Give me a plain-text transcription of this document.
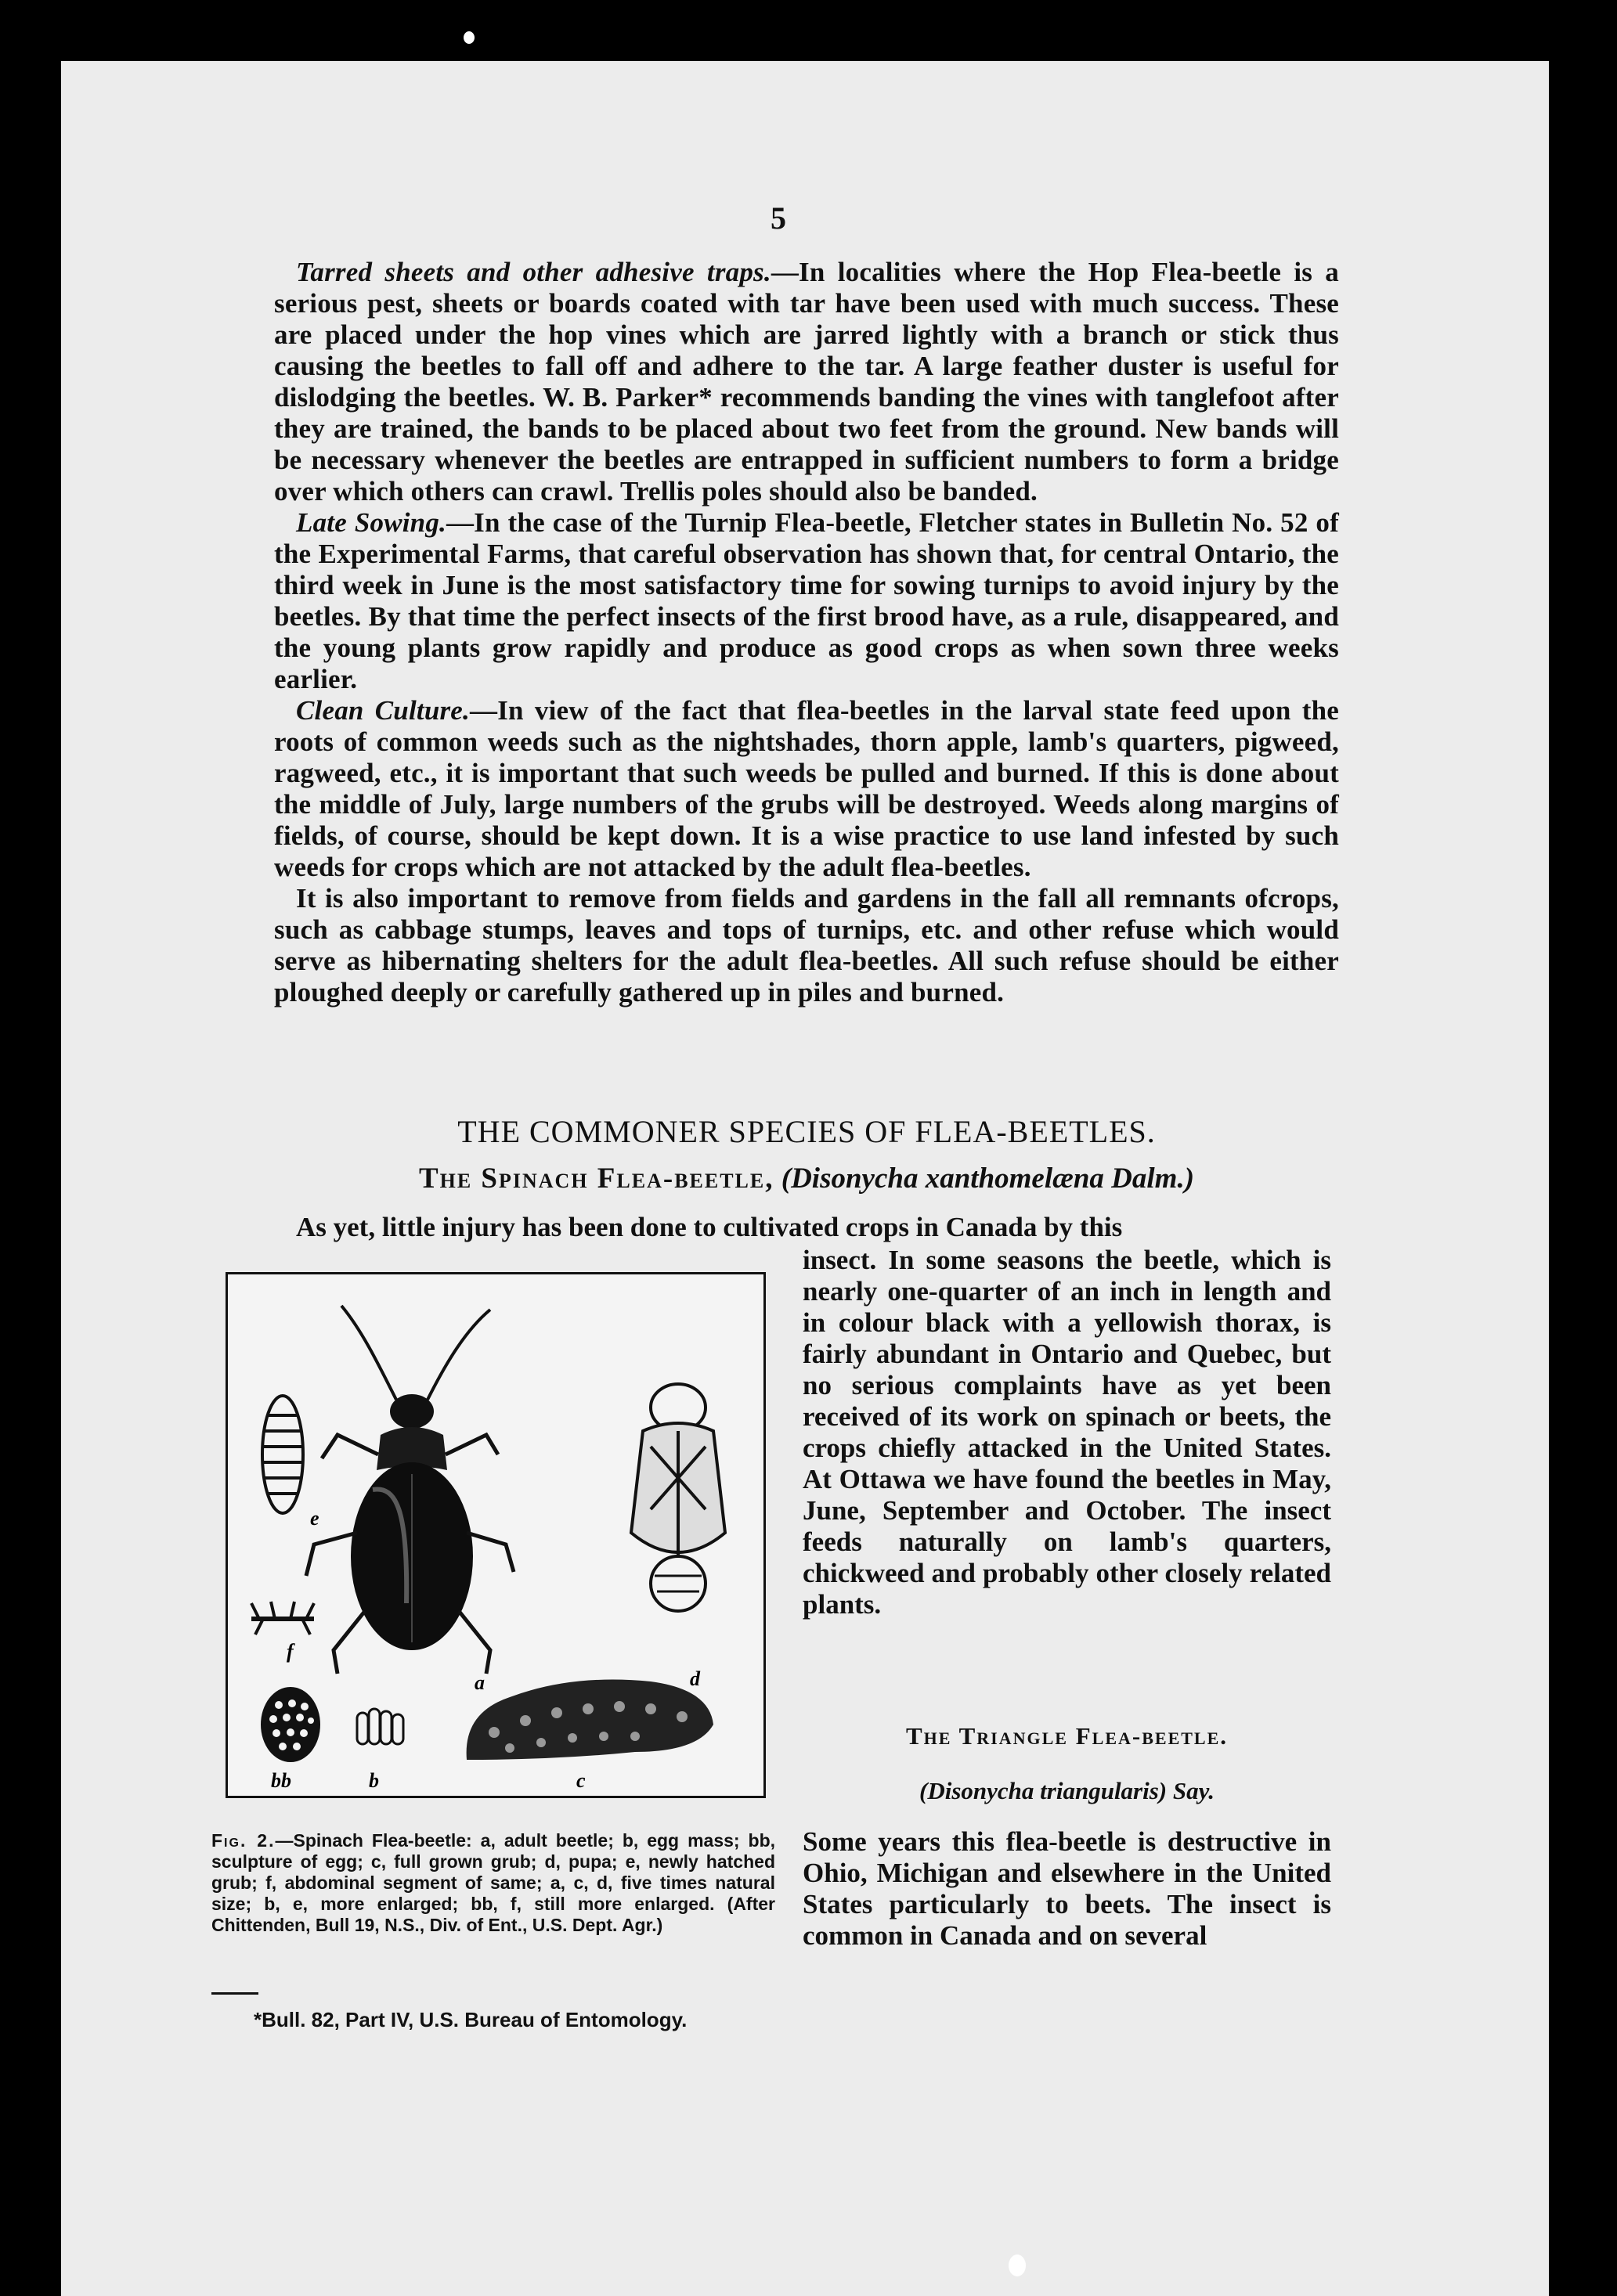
5

Tarred sheets and other adhesive traps.—In localities where the Hop Flea-beetle is a serious pest, sheets or boards coated with tar have been used with much success. These are placed under the hop vines which are jarred lightly with a branch or stick thus causing the beetles to fall off and adhere to the tar. A large feather duster is useful for dislodging the beetles. W. B. Parker* recommends banding the vines with tanglefoot after they are trained, the bands to be placed about two feet from the ground. New bands will be necessary whenever the beetles are entrapped in sufficient numbers to form a bridge over which others can crawl. Trellis poles should also be banded.

Late Sowing.—In the case of the Turnip Flea-beetle, Fletcher states in Bulletin No. 52 of the Experimental Farms, that careful observation has shown that, for central Ontario, the third week in June is the most satisfactory time for sowing turnips to avoid injury by the beetles. By that time the perfect insects of the first brood have, as a rule, disappeared, and the young plants grow rapidly and produce as good crops as when sown three weeks earlier.

Clean Culture.—In view of the fact that flea-beetles in the larval state feed upon the roots of common weeds such as the nightshades, thorn apple, lamb's quarters, pigweed, ragweed, etc., it is important that such weeds be pulled and burned. If this is done about the middle of July, large numbers of the grubs will be destroyed. Weeds along margins of fields, of course, should be kept down. It is a wise practice to use land infested by such weeds for crops which are not attacked by the adult flea-beetles.

It is also important to remove from fields and gardens in the fall all remnants ofcrops, such as cabbage stumps, leaves and tops of turnips, etc. and other refuse which would serve as hibernating shelters for the adult flea-beetles. All such refuse should be either ploughed deeply or carefully gathered up in piles and burned.

THE COMMONER SPECIES OF FLEA-BEETLES.
The Spinach Flea-beetle, (Disonycha xanthomelæna Dalm.)
As yet, little injury has been done to cultivated crops in Canada by this
insect. In some seasons the beetle, which is nearly one-quarter of an inch in length and in colour black with a yellowish thorax, is fairly abundant in Ontario and Quebec, but no serious complaints have as yet been received of its work on spinach or beets, the crops chiefly attacked in the United States. At Ottawa we have found the beetles in May, June, September and October. The insect feeds naturally on lamb's quarters, chickweed and probably other closely related plants.
a	d
e
f
bb	b	c
Fig. 2.—Spinach Flea-beetle: a, adult beetle; b, egg mass; bb, sculpture of egg; c, full grown grub; d, pupa; e, newly hatched grub; f, abdominal segment of same; a, c, d, five times natural size; b, e, more enlarged; bb, f, still more enlarged. (After Chittenden, Bull 19, N.S., Div. of Ent., U.S. Dept. Agr.)
The Triangle Flea-beetle.
(Disonycha triangularis) Say.
Some years this flea-beetle is destructive in Ohio, Michigan and elsewhere in the United States particularly to beets. The insect is common in Canada and on several
*Bull. 82, Part IV, U.S. Bureau of Entomology.
